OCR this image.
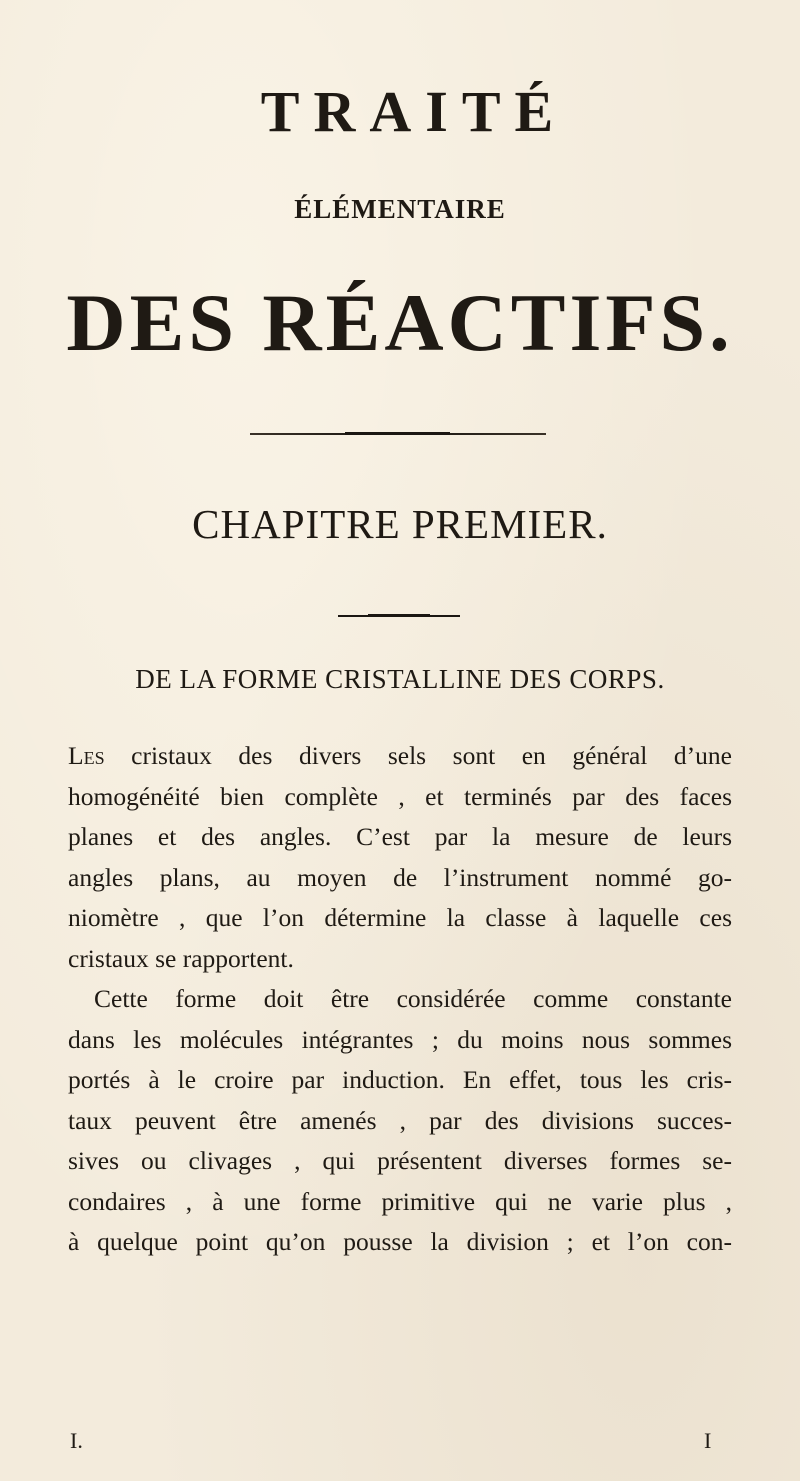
TRAITÉ
ÉLÉMENTAIRE
DES RÉACTIFS.
CHAPITRE PREMIER.
DE LA FORME CRISTALLINE DES CORPS.
Les cristaux des divers sels sont en général d’une
homogénéité bien complète , et terminés par des faces
planes et des angles. C’est par la mesure de leurs
angles plans, au moyen de l’instrument nommé go-
niomètre , que l’on détermine la classe à laquelle ces
cristaux se rapportent.
Cette forme doit être considérée comme constante
dans les molécules intégrantes ; du moins nous sommes
portés à le croire par induction. En effet, tous les cris-
taux peuvent être amenés , par des divisions succes-
sives ou clivages , qui présentent diverses formes se-
condaires , à une forme primitive qui ne varie plus ,
à quelque point qu’on pousse la division ; et l’on con-
I.	I
